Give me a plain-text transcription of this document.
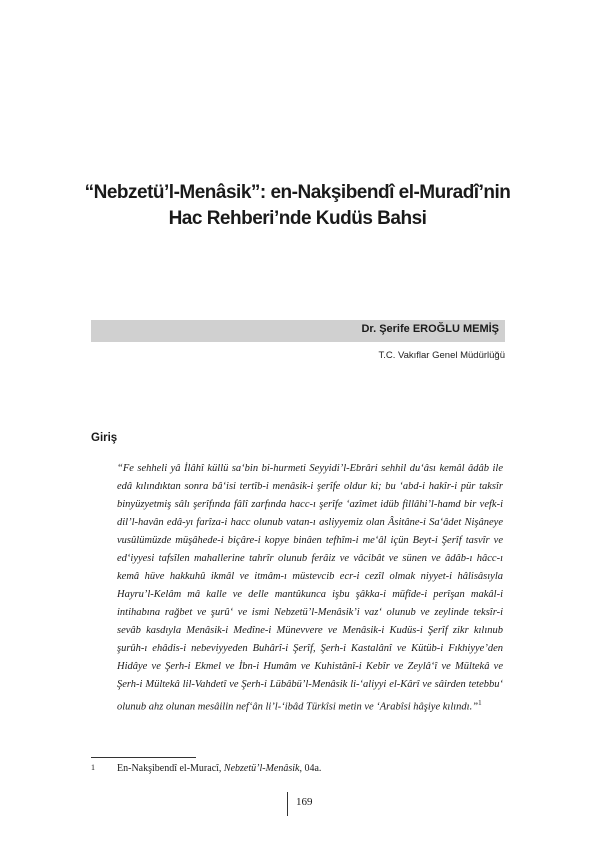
“Nebzetü’l-Menâsik”: en-Nakşibendî el-Muradî’nin
Hac Rehberi’nde Kudüs Bahsi
Dr. Şerife EROĞLU MEMİŞ
T.C. Vakıflar Genel Müdürlüğü
Giriş

“Fe sehheli yâ İlâhî küllü sa‘bin bi-hurmeti Seyyidi’l-Ebrâri sehhil du‘âsı kemâl âdâb ile edâ kılındıktan sonra bâ‘isi tertîb-i menâsik-i şerîfe oldur ki; bu ‘abd-i hakîr-i pür taksîr binyüzyetmiş sâlı şerîfında fâlî zarfında hacc-ı şerîfe ‘azîmet idüb fillâhi’l-hamd bir vefk-i dil’l-havân edâ-yı farîza-i hacc olunub vatan-ı asliyyemiz olan Âsitâne-i Sa‘âdet Nişâneye vusûlümüzde müşâhede-i biçâre-i kopye binâen tefhîm-i me‘âl içün Beyt-i Şerîf tasvîr ve ed‘iyyesi tafsîlen mahallerine tahrîr olunub ferâiz ve vâcibât ve sünen ve âdâb-ı hâcc-ı kemâ hüve hakkuhû ikmâl ve itmâm-ı müstevcib ecr-i cezîl olmak niyyet-i hâlisâsıyla Hayru’l-Kelâm mâ kalle ve delle mantûkunca işbu şâkka-i müfîde-i perîşan makâl-i intihabına rağbet ve şurû‘ ve ismi Nebzetü’l-Menâsik’i vaz‘ olunub ve zeylinde teksîr-i sevâb kasdıyla Menâsik-i Medîne-i Münevvere ve Menâsik-i Kudüs-i Şerîf zikr kılınub şurûh-ı ehâdis-i nebeviyyeden Buhârî-i Şerîf, Şerh-i Kastalânî ve Kütüb-i Fıkhiyye’den Hidâye ve Şerh-i Ekmel ve İbn-i Humâm ve Kuhistânî-i Kebîr ve Zeylâ‘î ve Mültekâ ve Şerh-i Mültekâ lil-Vahdetî ve Şerh-i Lübâbü’l-Menâsik li-‘aliyyi el-Kârî ve sâirden tetebbu‘ olunub ahz olunan mesâilin nef‘ân li’l-‘ibâd Türkîsi metin ve ‘Arabîsi hâşiye kılındı.”$^1$

1 En-Nakşibendî el-Muracî, Nebzetü’l-Menâsik, 04a.
169
